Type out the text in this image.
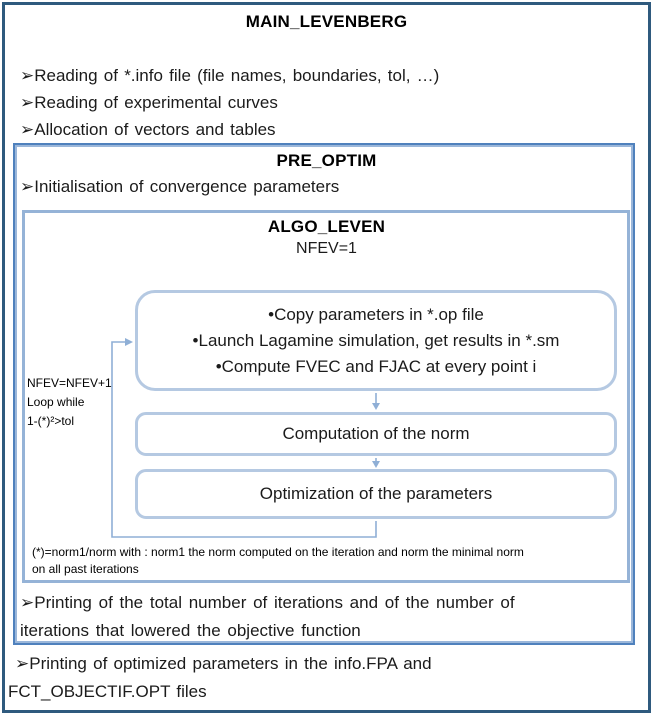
MAIN_LEVENBERG
PRE_OPTIM
ALGO_LEVEN
NFEV=1
➢Reading of *.info file (file names, boundaries, tol, …)
➢Reading of experimental curves
➢Allocation of vectors and tables
➢Initialisation of convergence parameters
•Copy parameters in *.op file
•Launch Lagamine simulation, get results in *.sm
•Compute FVEC and FJAC at every point i
Computation of the norm
Optimization of the parameters
NFEV=NFEV+1
Loop while
1-(*)²>tol
(*)=norm1/norm with : norm1 the norm computed on the iteration and norm the minimal norm
on all past iterations
➢Printing of the total number of iterations and of the number of
iterations that lowered the objective function
➢Printing of optimized parameters in the info.FPA and
FCT_OBJECTIF.OPT files
